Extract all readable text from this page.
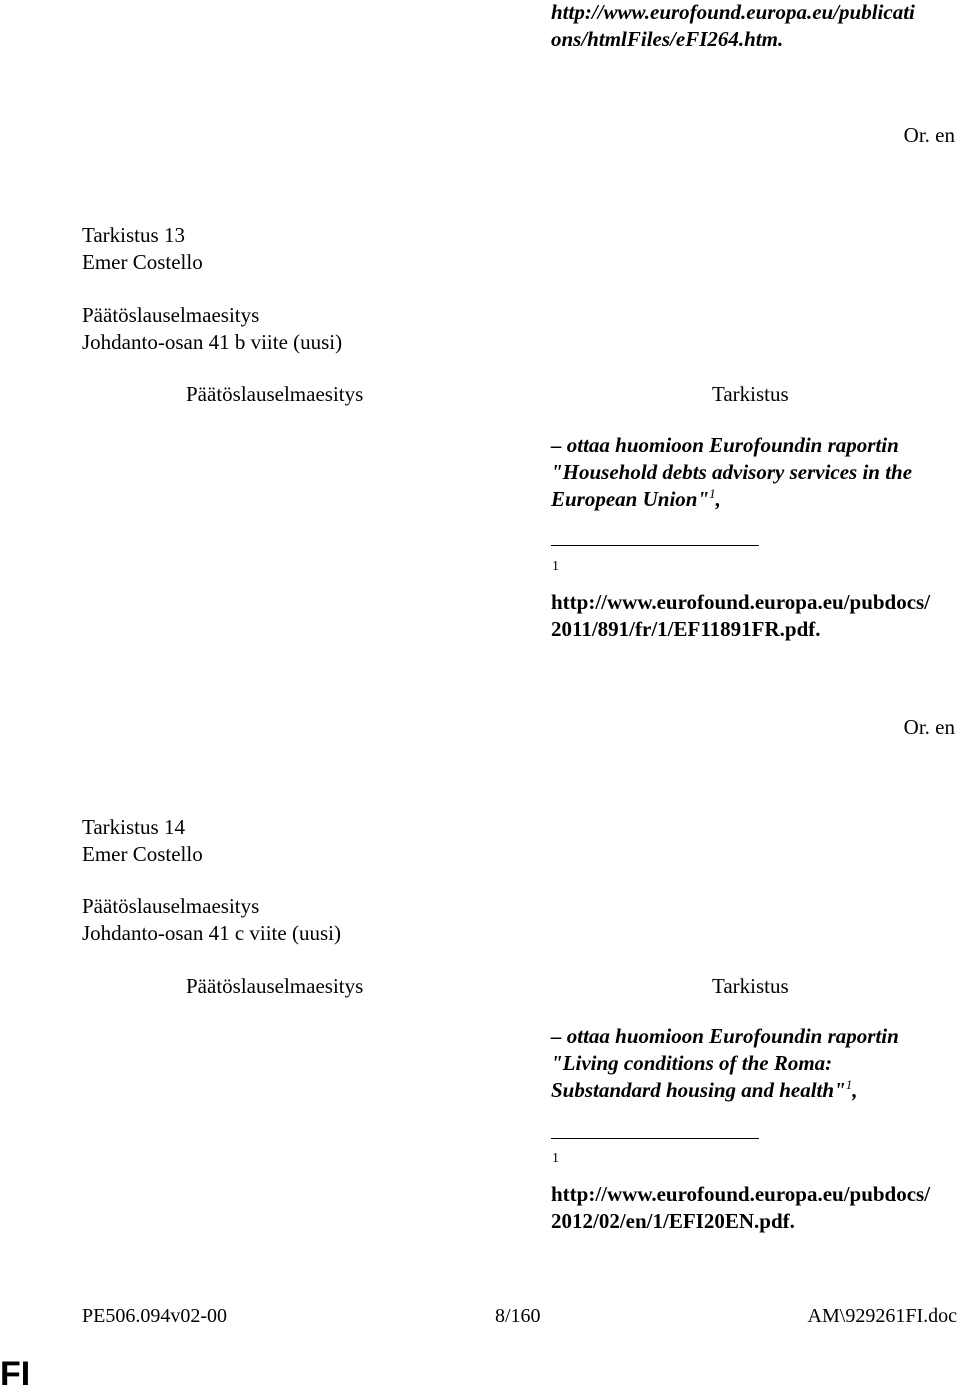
http://www.eurofound.europa.eu/publicati
ons/htmlFiles/eFI264.htm.
Or. en
Tarkistus 13
Emer Costello
Päätöslauselmaesitys
Johdanto-osan 41 b viite (uusi)
Päätöslauselmaesitys	Tarkistus
– ottaa huomioon Eurofoundin raportin
"Household debts advisory services in the
European Union"$^1$,
1
http://www.eurofound.europa.eu/pubdocs/
2011/891/fr/1/EF11891FR.pdf.
Or. en
Tarkistus 14
Emer Costello
Päätöslauselmaesitys
Johdanto-osan 41 c viite (uusi)
Päätöslauselmaesitys	Tarkistus
– ottaa huomioon Eurofoundin raportin
"Living conditions of the Roma:
Substandard housing and health"$^1$,
1
http://www.eurofound.europa.eu/pubdocs/
2012/02/en/1/EFI20EN.pdf.
PE506.094v02-00	8/160	AM\929261FI.doc
FI
